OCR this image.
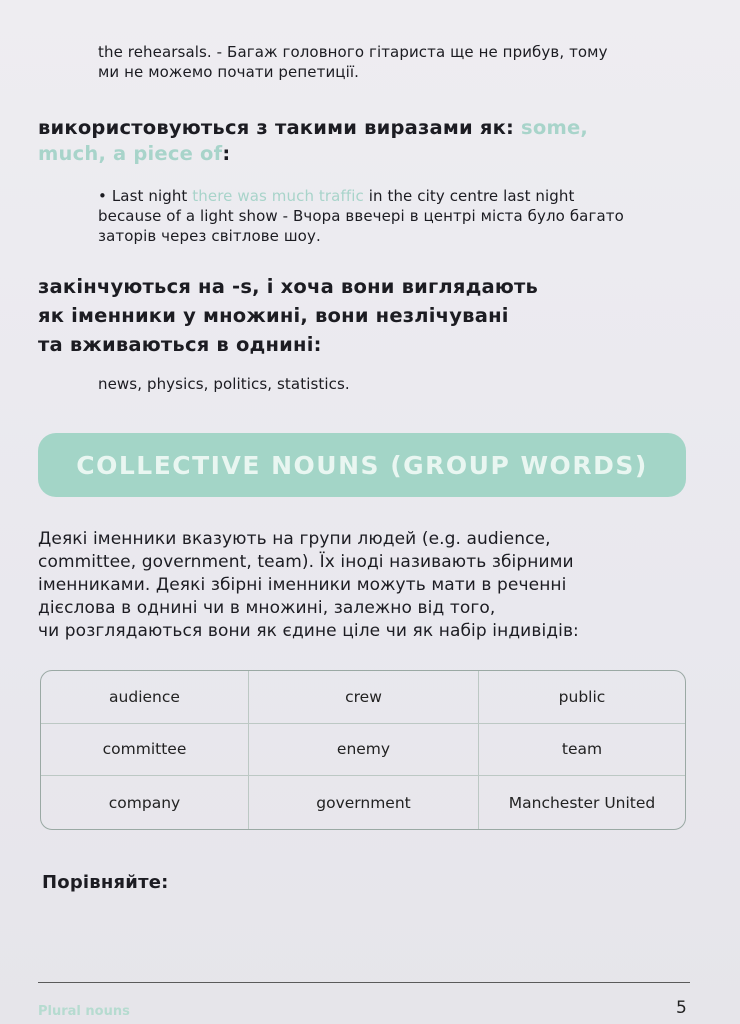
the rehearsals. - Багаж головного гітариста ще не прибув, тому
ми не можемо почати репетиції.
використовуються з такими виразами як: some,
much, a piece of:
• Last night there was much traffic in the city centre last night
because of a light show - Вчора ввечері в центрі міста було багато
заторів через світлове шоу.
закінчуються на -s, і хоча вони виглядають
як іменники у множині, вони незлічувані
та вживаються в однині:
news, physics, politics, statistics.
COLLECTIVE NOUNS (GROUP WORDS)
Деякі іменники вказують на групи людей (e.g. audience,
committee, government, team). Їх іноді називають збірними
іменниками. Деякі збірні іменники можуть мати в реченні
дієслова в однині чи в множині, залежно від того,
чи розглядаються вони як єдине ціле чи як набір індивідів:
audience	crew	public
committee	enemy	team
company	government	Manchester United
Порівняйте:
Plural nouns	5
